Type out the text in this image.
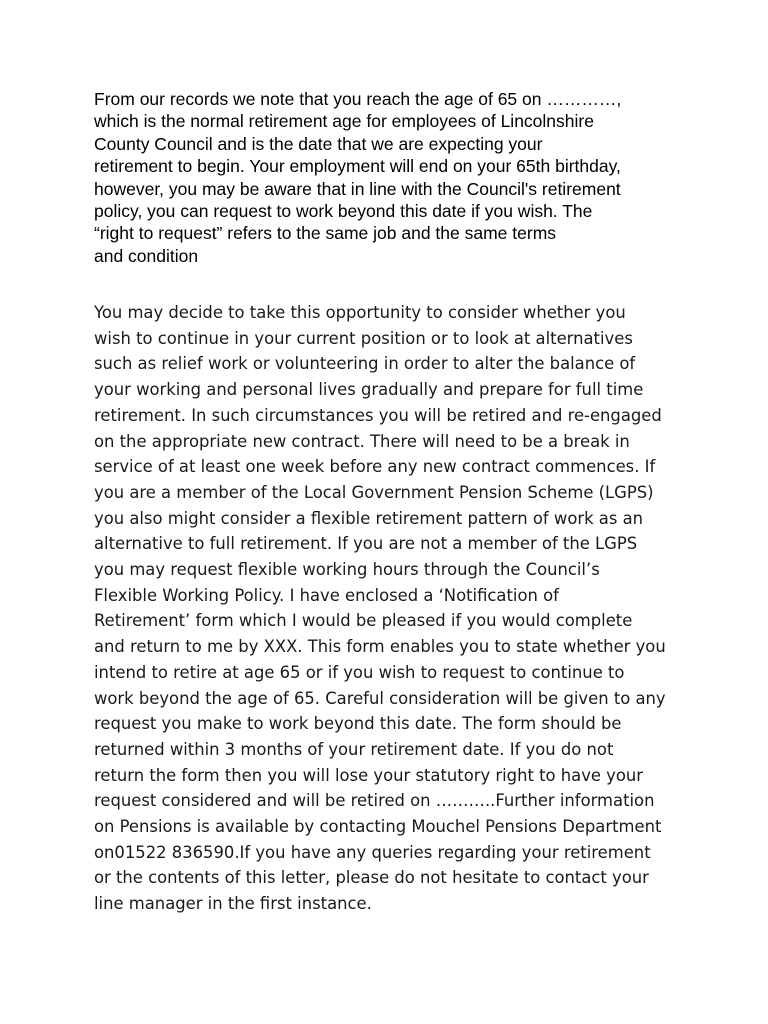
From our records we note that you reach the age of 65 on …………,
which is the normal retirement age for employees of Lincolnshire
County Council and is the date that we are expecting your
retirement to begin. Your employment will end on your 65th birthday,
however, you may be aware that in line with the Council's retirement
policy, you can request to work beyond this date if you wish. The
“right to request” refers to the same job and the same terms
and condition
You may decide to take this opportunity to consider whether you
wish to continue in your current position or to look at alternatives
such as relief work or volunteering in order to alter the balance of
your working and personal lives gradually and prepare for full time
retirement. In such circumstances you will be retired and re-engaged
on the appropriate new contract. There will need to be a break in
service of at least one week before any new contract commences. If
you are a member of the Local Government Pension Scheme (LGPS)
you also might consider a flexible retirement pattern of work as an
alternative to full retirement. If you are not a member of the LGPS
you may request flexible working hours through the Council’s
Flexible Working Policy. I have enclosed a ‘Notification of
Retirement’ form which I would be pleased if you would complete
and return to me by XXX. This form enables you to state whether you
intend to retire at age 65 or if you wish to request to continue to
work beyond the age of 65. Careful consideration will be given to any
request you make to work beyond this date. The form should be
returned within 3 months of your retirement date. If you do not
return the form then you will lose your statutory right to have your
request considered and will be retired on ………..Further information
on Pensions is available by contacting Mouchel Pensions Department
on01522 836590.If you have any queries regarding your retirement
or the contents of this letter, please do not hesitate to contact your
line manager in the first instance.
